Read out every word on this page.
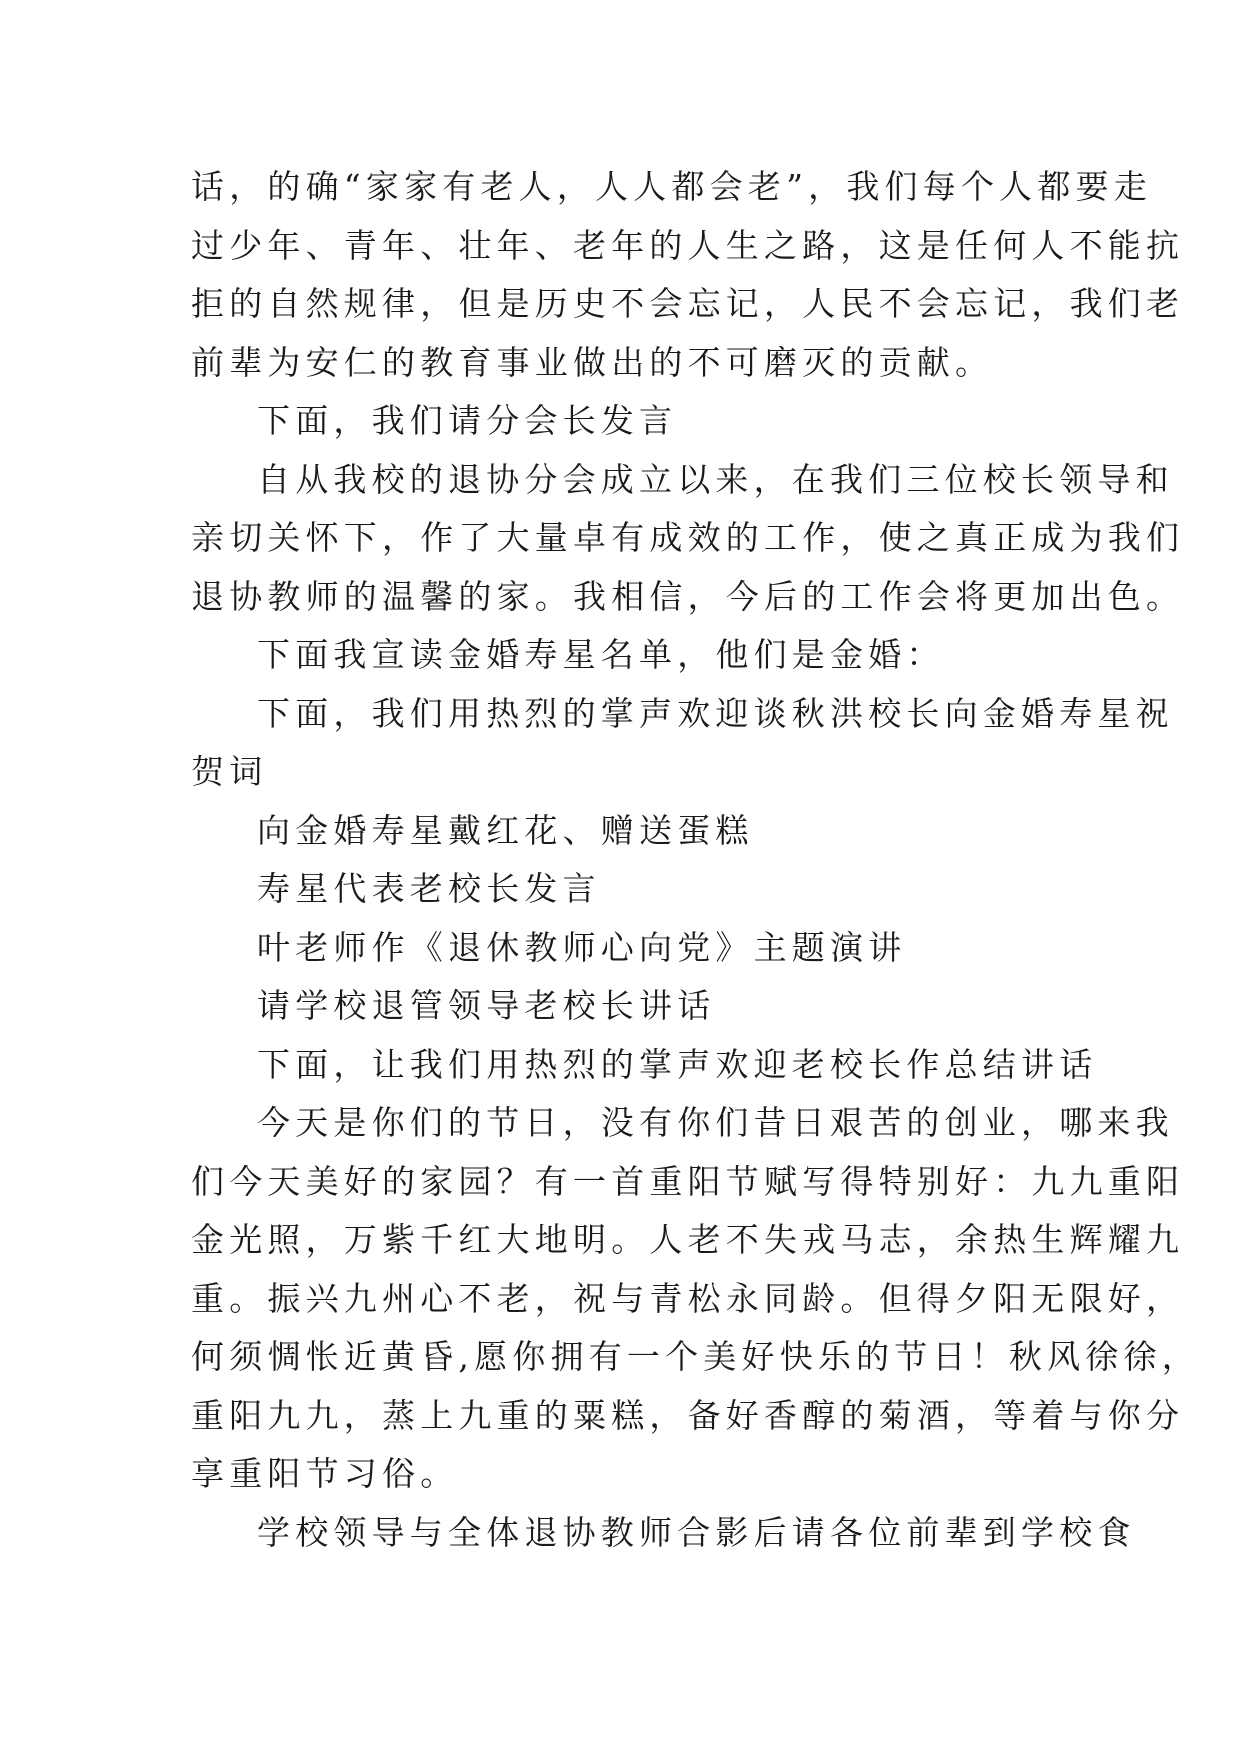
话，的确“家家有老人，人人都会老”，我们每个人都要走
过少年、青年、壮年、老年的人生之路，这是任何人不能抗
拒的自然规律，但是历史不会忘记，人民不会忘记，我们老
前辈为安仁的教育事业做出的不可磨灭的贡献。
下面，我们请分会长发言
自从我校的退协分会成立以来，在我们三位校长领导和
亲切关怀下，作了大量卓有成效的工作，使之真正成为我们
退协教师的温馨的家。我相信，今后的工作会将更加出色。
下面我宣读金婚寿星名单，他们是金婚：
下面，我们用热烈的掌声欢迎谈秋洪校长向金婚寿星祝
贺词
向金婚寿星戴红花、赠送蛋糕
寿星代表老校长发言
叶老师作《退休教师心向党》主题演讲
请学校退管领导老校长讲话
下面，让我们用热烈的掌声欢迎老校长作总结讲话
今天是你们的节日，没有你们昔日艰苦的创业，哪来我
们今天美好的家园？有一首重阳节赋写得特别好：九九重阳
金光照，万紫千红大地明。人老不失戎马志，余热生辉耀九
重。振兴九州心不老，祝与青松永同龄。但得夕阳无限好，
何须惆怅近黄昏,愿你拥有一个美好快乐的节日！秋风徐徐，
重阳九九，蒸上九重的粟糕，备好香醇的菊酒，等着与你分
享重阳节习俗。
学校领导与全体退协教师合影后请各位前辈到学校食
